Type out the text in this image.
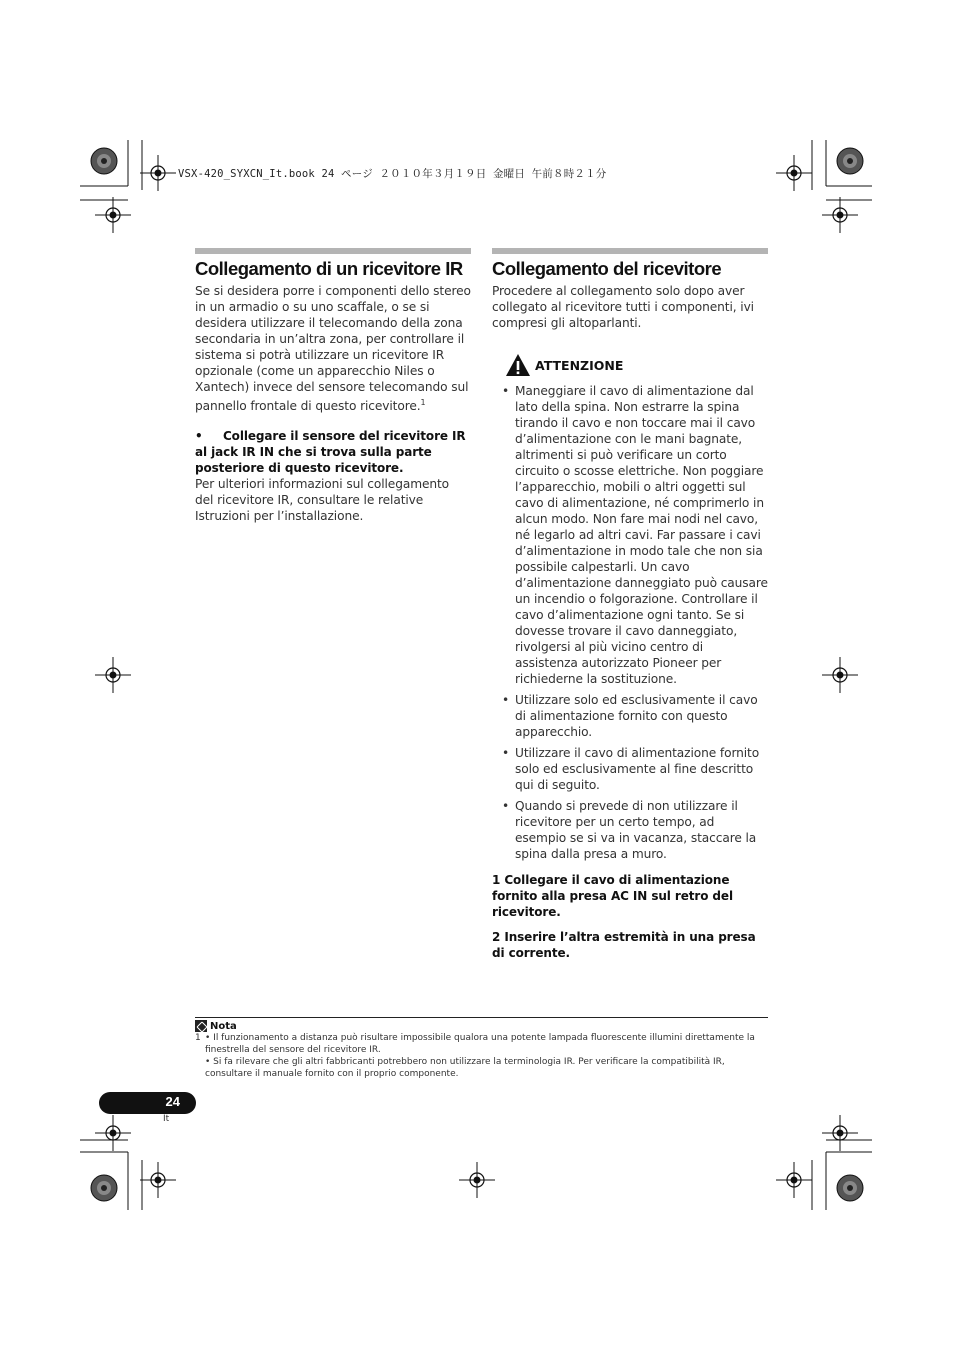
VSX-420_SYXCN_It.book 24 ページ ２０１０年３月１９日 金曜日 午前８時２１分
Collegamento di un ricevitore IR

Se si desidera porre i componenti dello stereo in un armadio o su uno scaffale, o se si desidera utilizzare il telecomando della zona secondaria in un’altra zona, per controllare il sistema si potrà utilizzare un ricevitore IR opzionale (come un apparecchio Niles o Xantech) invece del sensore telecomando sul pannello frontale di questo ricevitore.$^1$

•     Collegare il sensore del ricevitore IR al jack IR IN che si trova sulla parte posteriore di questo ricevitore.

Per ulteriori informazioni sul collegamento del ricevitore IR, consultare le relative Istruzioni per l’installazione.

Collegamento del ricevitore

Procedere al collegamento solo dopo aver collegato al ricevitore tutti i componenti, ivi compresi gli altoparlanti.

ATTENZIONE
• Maneggiare il cavo di alimentazione dal lato della spina. Non estrarre la spina tirando il cavo e non toccare mai il cavo d’alimentazione con le mani bagnate, altrimenti si può verificare un corto circuito o scosse elettriche. Non poggiare l’apparecchio, mobili o altri oggetti sul cavo di alimentazione, né comprimerlo in alcun modo. Non fare mai nodi nel cavo, né legarlo ad altri cavi. Far passare i cavi d’alimentazione in modo tale che non sia possibile calpestarli. Un cavo d’alimentazione danneggiato può causare un incendio o folgorazione. Controllare il cavo d’alimentazione ogni tanto. Se si dovesse trovare il cavo danneggiato, rivolgersi al più vicino centro di assistenza autorizzato Pioneer per richiederne la sostituzione.
• Utilizzare solo ed esclusivamente il cavo di alimentazione fornito con questo apparecchio.
• Utilizzare il cavo di alimentazione fornito solo ed esclusivamente al fine descritto qui di seguito.
• Quando si prevede di non utilizzare il ricevitore per un certo tempo, ad esempio se si va in vacanza, staccare la spina dalla presa a muro.

1 Collegare il cavo di alimentazione fornito alla presa AC IN sul retro del ricevitore.

2 Inserire l’altra estremità in una presa di corrente.

Nota
1 • Il funzionamento a distanza può risultare impossibile qualora una potente lampada fluorescente illumini direttamente la finestrella del sensore del ricevitore IR.
• Si fa rilevare che gli altri fabbricanti potrebbero non utilizzare la terminologia IR. Per verificare la compatibilità IR, consultare il manuale fornito con il proprio componente.
24
It
